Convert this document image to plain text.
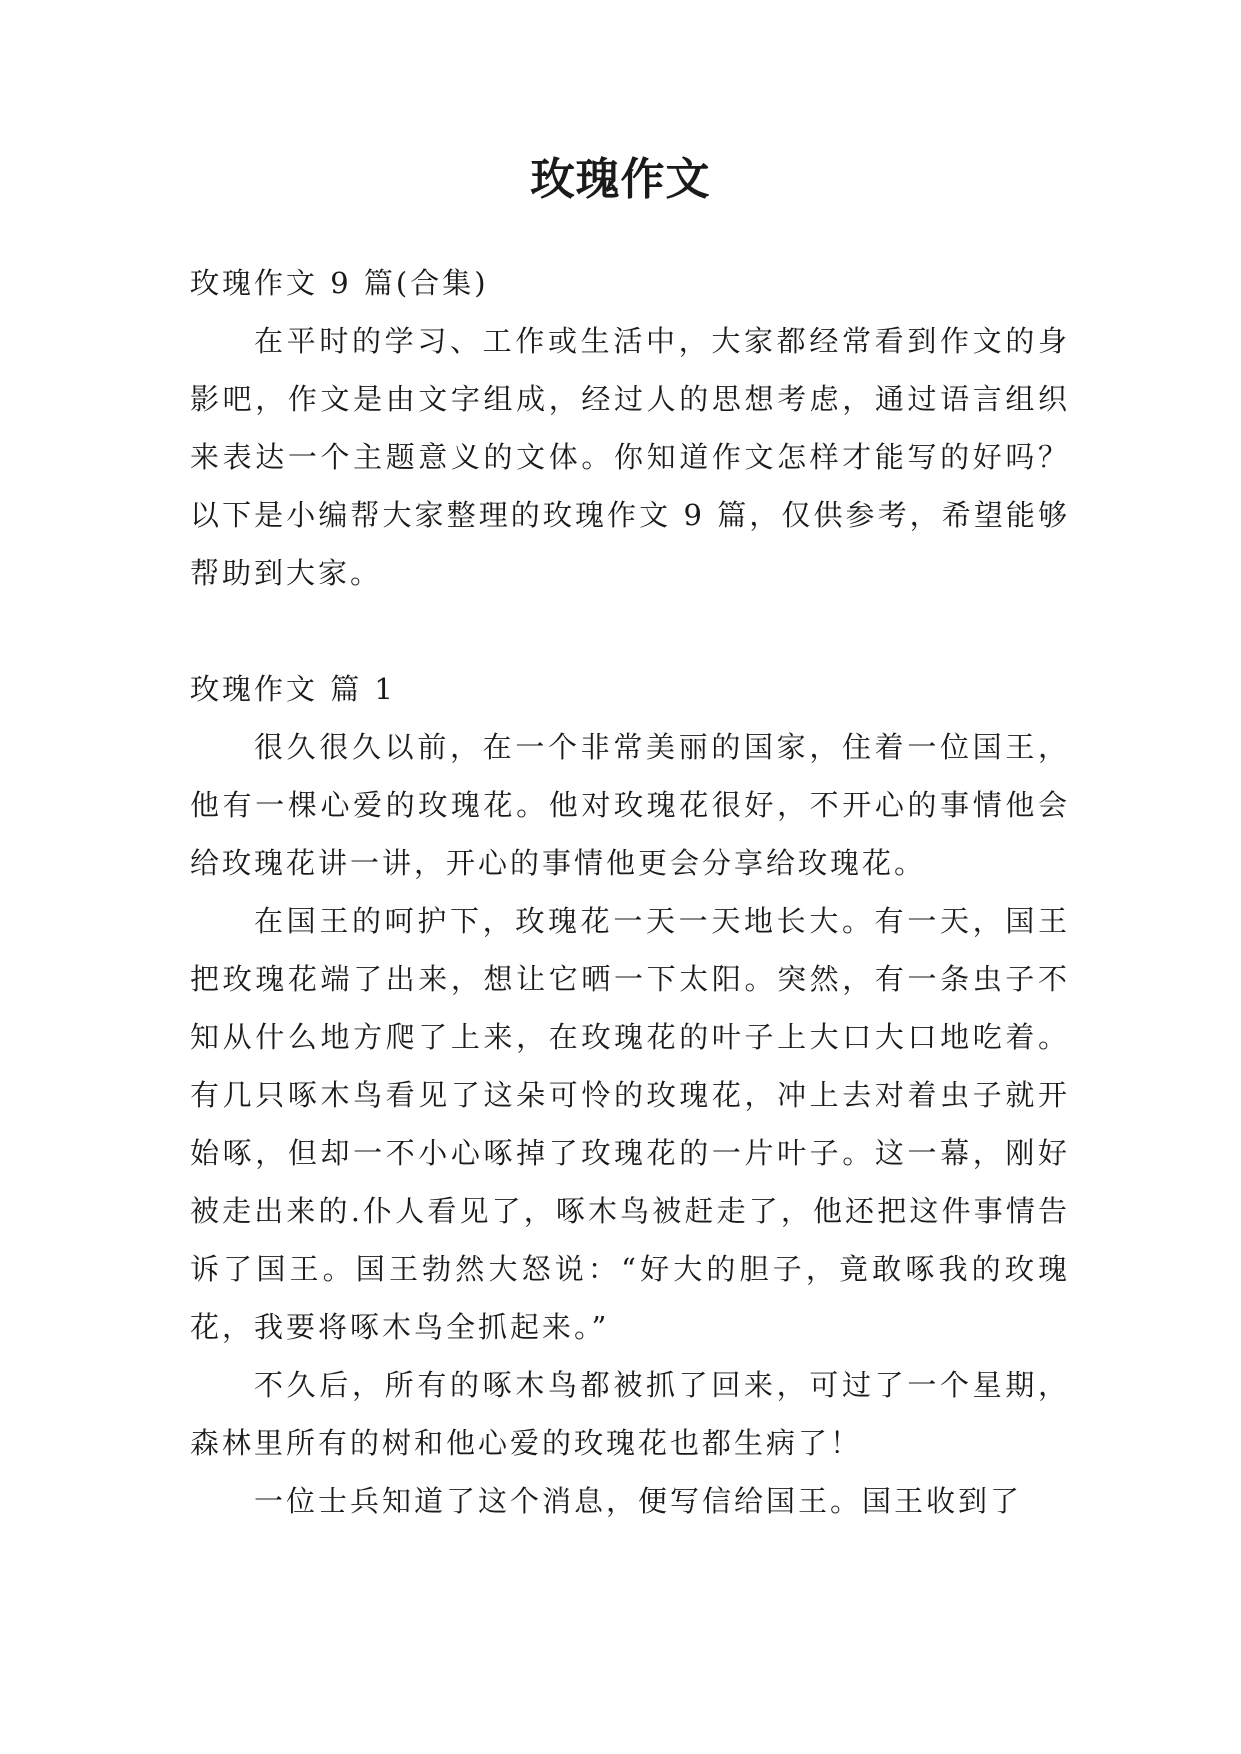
玫瑰作文

玫瑰作文 9 篇(合集)

在平时的学习、工作或生活中，大家都经常看到作文的身影吧，作文是由文字组成，经过人的思想考虑，通过语言组织来表达一个主题意义的文体。你知道作文怎样才能写的好吗？以下是小编帮大家整理的玫瑰作文 9 篇，仅供参考，希望能够帮助到大家。

玫瑰作文 篇 1

很久很久以前，在一个非常美丽的国家，住着一位国王，他有一棵心爱的玫瑰花。他对玫瑰花很好，不开心的事情他会给玫瑰花讲一讲，开心的事情他更会分享给玫瑰花。

在国王的呵护下，玫瑰花一天一天地长大。有一天，国王把玫瑰花端了出来，想让它晒一下太阳。突然，有一条虫子不知从什么地方爬了上来，在玫瑰花的叶子上大口大口地吃着。有几只啄木鸟看见了这朵可怜的玫瑰花，冲上去对着虫子就开始啄，但却一不小心啄掉了玫瑰花的一片叶子。这一幕，刚好被走出来的.仆人看见了，啄木鸟被赶走了，他还把这件事情告诉了国王。国王勃然大怒说：“好大的胆子，竟敢啄我的玫瑰花，我要将啄木鸟全抓起来。”

不久后，所有的啄木鸟都被抓了回来，可过了一个星期，森林里所有的树和他心爱的玫瑰花也都生病了！

一位士兵知道了这个消息，便写信给国王。国王收到了
